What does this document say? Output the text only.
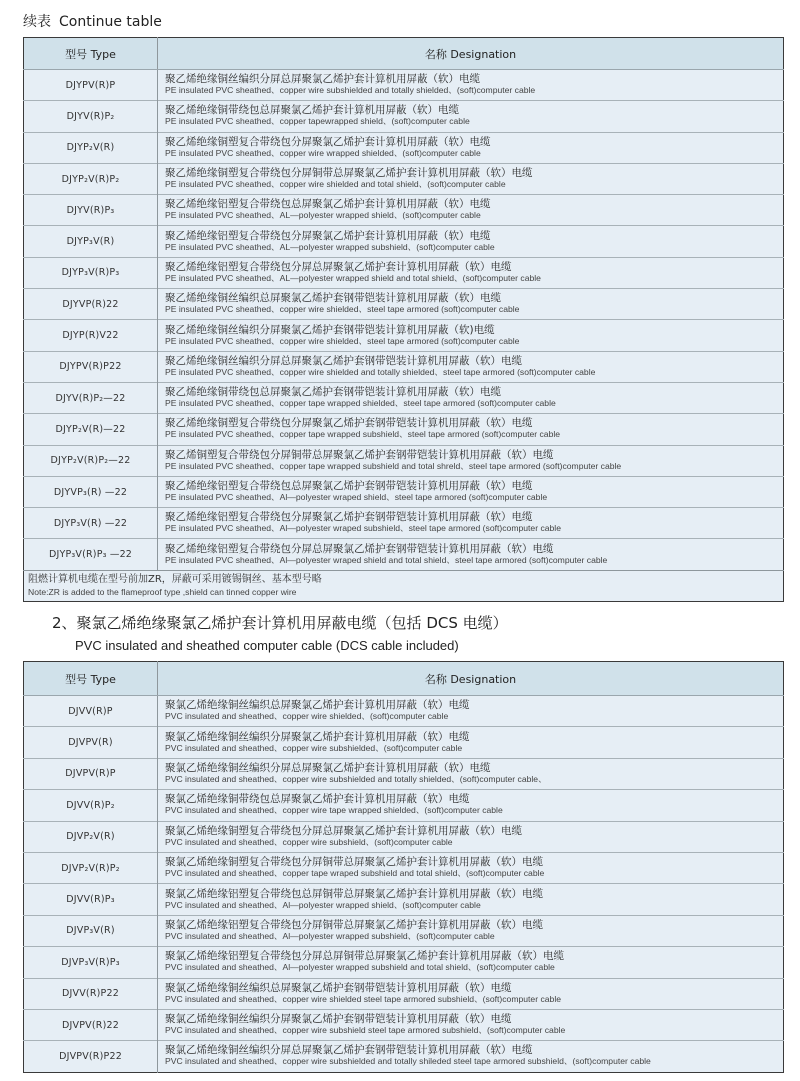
续表 Continue table
型号 Type	名称 Designation
DJYPV(R)P	聚乙烯绝缘铜丝编织分屏总屏聚氯乙烯护套计算机用屏蔽（软）电缆
PE insulated PVC sheathed、copper wire subshielded and totally shielded、(soft)computer cable

DJYV(R)P₂	聚乙烯绝缘铜带绕包总屏聚氯乙烯护套计算机用屏蔽（软）电缆
PE insulated PVC sheathed、copper tapewrapped shield、(soft)computer cable

DJYP₂V(R)	聚乙烯绝缘铜塑复合带绕包分屏聚氯乙烯护套计算机用屏蔽（软）电缆
PE insulated PVC sheathed、copper wire wrapped shielded、(soft)computer cable

DJYP₂V(R)P₂	聚乙烯绝缘铜塑复合带绕包分屏铜带总屏聚氯乙烯护套计算机用屏蔽（软）电缆
PE insulated PVC sheathed、copper wire shielded and total shield、(soft)computer cable

DJYV(R)P₃	聚乙烯绝缘铝塑复合带绕包总屏聚氯乙烯护套计算机用屏蔽（软）电缆
PE insulated PVC sheathed、AL—polyester wrapped shield、(soft)computer cable

DJYP₃V(R)	聚乙烯绝缘铝塑复合带绕包分屏聚氯乙烯护套计算机用屏蔽（软）电缆
PE insulated PVC sheathed、AL—polyester wrapped subshield、(soft)computer cable

DJYP₃V(R)P₃	聚乙烯绝缘铝塑复合带绕包分屏总屏聚氯乙烯护套计算机用屏蔽（软）电缆
PE insulated PVC sheathed、AL—polyester wrapped shield and total shield、(soft)computer cable

DJYVP(R)22	聚乙烯绝缘铜丝编织总屏聚氯乙烯护套钢带铠装计算机用屏蔽（软）电缆
PE insulated PVC sheathed、copper wire shielded、steel tape armored (soft)computer cable

DJYP(R)V22	聚乙烯绝缘铜丝编织分屏聚氯乙烯护套钢带铠装计算机用屏蔽（软)电缆
PE insulated PVC sheathed、copper wire shielded、steel tape armored (soft)computer cable

DJYPV(R)P22	聚乙烯绝缘铜丝编织分屏总屏聚氯乙烯护套钢带铠装计算机用屏蔽（软）电缆
PE insulated PVC sheathed、copper wire shielded and totally shielded、steel tape armored (soft)computer cable

DJYV(R)P₂—22	聚乙烯绝缘铜带绕包总屏聚氯乙烯护套钢带铠装计算机用屏蔽（软）电缆
PE insulated PVC sheathed、copper tape wrapped shielded、steel tape armored (soft)computer cable

DJYP₂V(R)—22	聚乙烯绝缘铜塑复合带绕包分屏聚氯乙烯护套钢带铠装计算机用屏蔽（软）电缆
PE insulated PVC sheathed、copper tape wrapped subshield、steel tape armored (soft)computer cable

DJYP₂V(R)P₂—22	聚乙烯铜塑复合带绕包分屏铜带总屏聚氯乙烯护套钢带铠装计算机用屏蔽（软）电缆
PE insulated PVC sheathed、copper tape wrapped subshield and total shreld、steel tape armored (soft)computer cable

DJYVP₃(R) —22	聚乙烯绝缘铝塑复合带绕包总屏聚氯乙烯护套钢带铠装计算机用屏蔽（软）电缆
PE insulated PVC sheathed、Al—polyester wraped shield、steel tape armored (soft)computer cable

DJYP₃V(R) —22	聚乙烯绝缘铝塑复合带绕包分屏聚氯乙烯护套钢带铠装计算机用屏蔽（软）电缆
PE insulated PVC sheathed、Al—polyester wraped subshield、steel tape armored (soft)computer cable

DJYP₃V(R)P₃ —22	聚乙烯绝缘铝塑复合带绕包分屏总屏聚氯乙烯护套钢带铠装计算机用屏蔽（软）电缆
PE insulated PVC sheathed、Al—polyester wraped shield and total shield、steel tape armored (soft)computer cable

阻燃计算机电缆在型号前加ZR，屏蔽可采用镀锡铜丝、基本型号略
Note:ZR is added to the flameproof type ,shield can tinned copper wire	
2、聚氯乙烯绝缘聚氯乙烯护套计算机用屏蔽电缆（包括 DCS 电缆）
PVC insulated and sheathed computer cable (DCS cable included)
型号 Type	名称 Designation
DJVV(R)P	聚氯乙烯绝缘铜丝编织总屏聚氯乙烯护套计算机用屏蔽（软）电缆
PVC insulated and sheathed、copper wire shielded、(soft)computer cable

DJVPV(R)	聚氯乙烯绝缘铜丝编织分屏聚氯乙烯护套计算机用屏蔽（软）电缆
PVC insulated and sheathed、copper wire subshielded、(soft)computer cable

DJVPV(R)P	聚氯乙烯绝缘铜丝编织分屏总屏聚氯乙烯护套计算机用屏蔽（软）电缆
PVC insulated and sheathed、copper wire subshielded and totally shielded、(soft)computer cable、

DJVV(R)P₂	聚氯乙烯绝缘铜带绕包总屏聚氯乙烯护套计算机用屏蔽（软）电缆
PVC insulated and sheathed、copper wire tape wrapped shielded、(soft)computer cable

DJVP₂V(R)	聚氯乙烯绝缘铜塑复合带绕包分屏总屏聚氯乙烯护套计算机用屏蔽（软）电缆
PVC insulated and sheathed、copper wire subshield、(soft)computer cable

DJVP₂V(R)P₂	聚氯乙烯绝缘铜塑复合带绕包分屏铜带总屏聚氯乙烯护套计算机用屏蔽（软）电缆
PVC insulated and sheathed、copper tape wraped subshield and total shield、(soft)computer cable

DJVV(R)P₃	聚氯乙烯绝缘铝塑复合带绕包总屏铜带总屏聚氯乙烯护套计算机用屏蔽（软）电缆
PVC insulated and sheathed、Al—polyester wrapped shield、(soft)computer cable

DJVP₃V(R)	聚氯乙烯绝缘铝塑复合带绕包分屏铜带总屏聚氯乙烯护套计算机用屏蔽（软）电缆
PVC insulated and sheathed、Al—polyester wrapped subshield、(soft)computer cable

DJVP₃V(R)P₃	聚氯乙烯绝缘铝塑复合带绕包分屏总屏铜带总屏聚氯乙烯护套计算机用屏蔽（软）电缆
PVC insulated and sheathed、Al—polyester wrapped subshield and total shield、(soft)computer cable

DJVV(R)P22	聚氯乙烯绝缘铜丝编织总屏聚氯乙烯护套钢带铠装计算机用屏蔽（软）电缆
PVC insulated and sheathed、copper wire shielded steel tape armored subshield、(soft)computer cable

DJVPV(R)22	聚氯乙烯绝缘铜丝编织分屏聚氯乙烯护套钢带铠装计算机用屏蔽（软）电缆
PVC insulated and sheathed、copper wire subshield steel tape armored subshield、(soft)computer cable

DJVPV(R)P22	聚氯乙烯绝缘铜丝编织分屏总屏聚氯乙烯护套钢带铠装计算机用屏蔽（软）电缆
PVC insulated and sheathed、copper wire subshielded and totally shileded steel tape armored subshield、(soft)computer cable
